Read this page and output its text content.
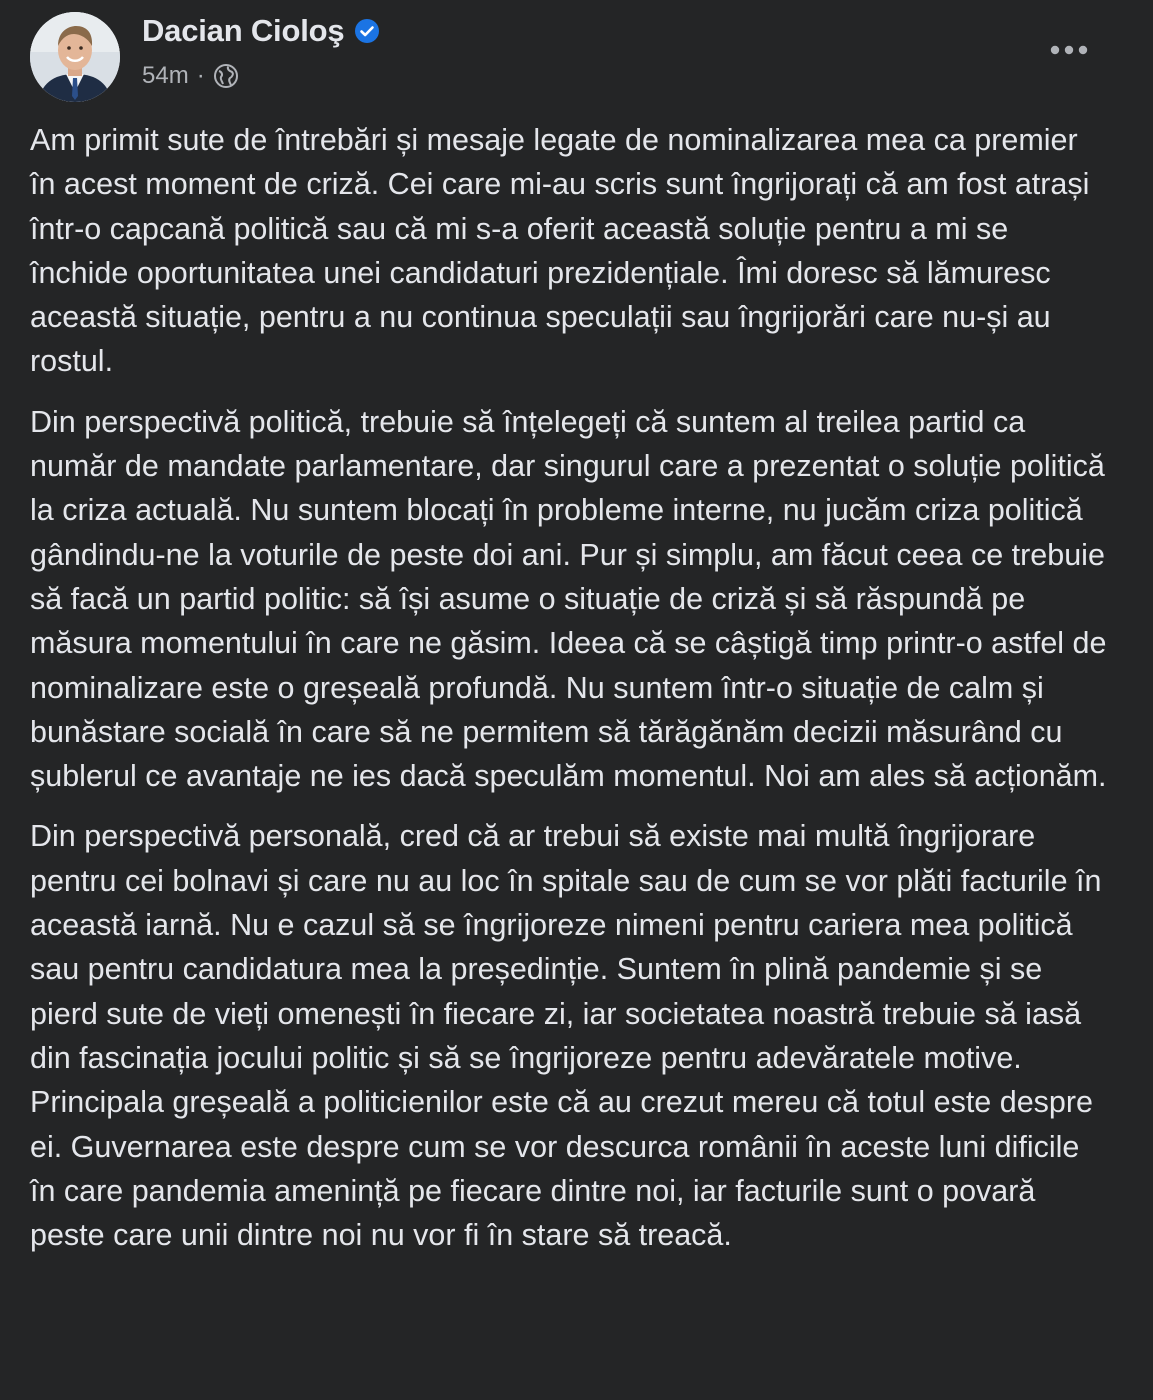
Dacian Cioloş
54m ·

Am primit sute de întrebări și mesaje legate de nominalizarea mea ca premier în acest moment de criză. Cei care mi-au scris sunt îngrijorați că am fost atrași într-o capcană politică sau că mi s-a oferit această soluție pentru a mi se închide oportunitatea unei candidaturi prezidențiale. Îmi doresc să lămuresc această situație, pentru a nu continua speculații sau îngrijorări care nu-și au rostul.

Din perspectivă politică, trebuie să înțelegeți că suntem al treilea partid ca număr de mandate parlamentare, dar singurul care a prezentat o soluție politică la criza actuală. Nu suntem blocați în probleme interne, nu jucăm criza politică gândindu-ne la voturile de peste doi ani. Pur și simplu, am făcut ceea ce trebuie să facă un partid politic: să își asume o situație de criză și să răspundă pe măsura momentului în care ne găsim. Ideea că se câștigă timp printr-o astfel de nominalizare este o greșeală profundă. Nu suntem într-o situație de calm și bunăstare socială în care să ne permitem să tărăgănăm decizii măsurând cu șublerul ce avantaje ne ies dacă speculăm momentul. Noi am ales să acționăm.

Din perspectivă personală, cred că ar trebui să existe mai multă îngrijorare pentru cei bolnavi și care nu au loc în spitale sau de cum se vor plăti facturile în această iarnă. Nu e cazul să se îngrijoreze nimeni pentru cariera mea politică sau pentru candidatura mea la președinție. Suntem în plină pandemie și se pierd sute de vieți omenești în fiecare zi, iar societatea noastră trebuie să iasă din fascinația jocului politic și să se îngrijoreze pentru adevăratele motive. Principala greșeală a politicienilor este că au crezut mereu că totul este despre ei. Guvernarea este despre cum se vor descurca românii în aceste luni dificile în care pandemia amenință pe fiecare dintre noi, iar facturile sunt o povară peste care unii dintre noi nu vor fi în stare să treacă.
